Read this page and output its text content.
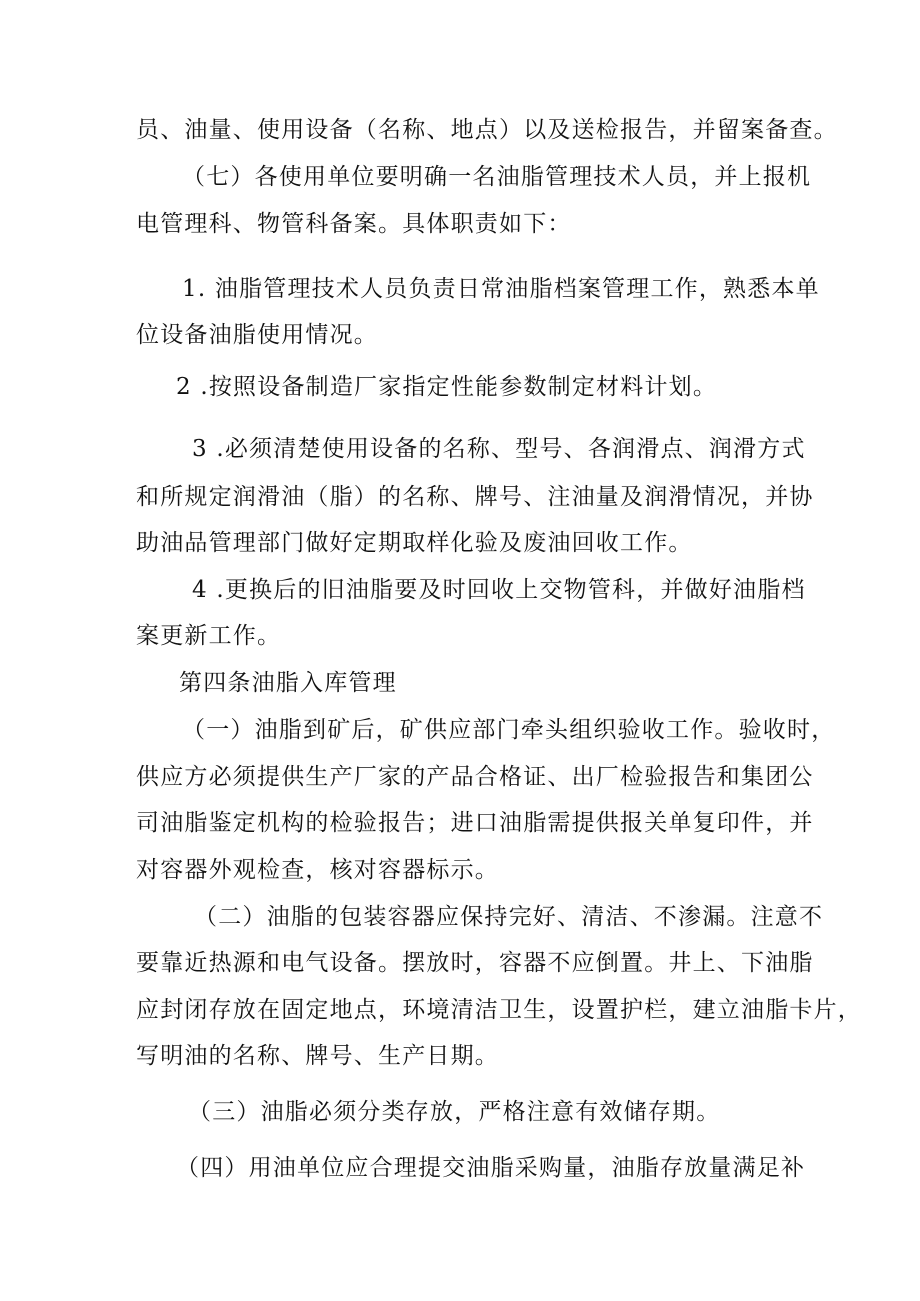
员、油量、使用设备（名称、地点）以及送检报告，并留案备查。
（七）各使用单位要明确一名油脂管理技术人员，并上报机
电管理科、物管科备案。具体职责如下：
1. 油脂管理技术人员负责日常油脂档案管理工作，熟悉本单
位设备油脂使用情况。
2 .按照设备制造厂家指定性能参数制定材料计划。
3 .必须清楚使用设备的名称、型号、各润滑点、润滑方式
和所规定润滑油（脂）的名称、牌号、注油量及润滑情况，并协
助油品管理部门做好定期取样化验及废油回收工作。
4 .更换后的旧油脂要及时回收上交物管科，并做好油脂档
案更新工作。
第四条油脂入库管理
（一）油脂到矿后，矿供应部门牵头组织验收工作。验收时，
供应方必须提供生产厂家的产品合格证、出厂检验报告和集团公
司油脂鉴定机构的检验报告；进口油脂需提供报关单复印件，并
对容器外观检查，核对容器标示。
（二）油脂的包装容器应保持完好、清洁、不渗漏。注意不
要靠近热源和电气设备。摆放时，容器不应倒置。井上、下油脂
应封闭存放在固定地点，环境清洁卫生，设置护栏，建立油脂卡片，
写明油的名称、牌号、生产日期。
（三）油脂必须分类存放，严格注意有效储存期。
（四）用油单位应合理提交油脂采购量，油脂存放量满足补
